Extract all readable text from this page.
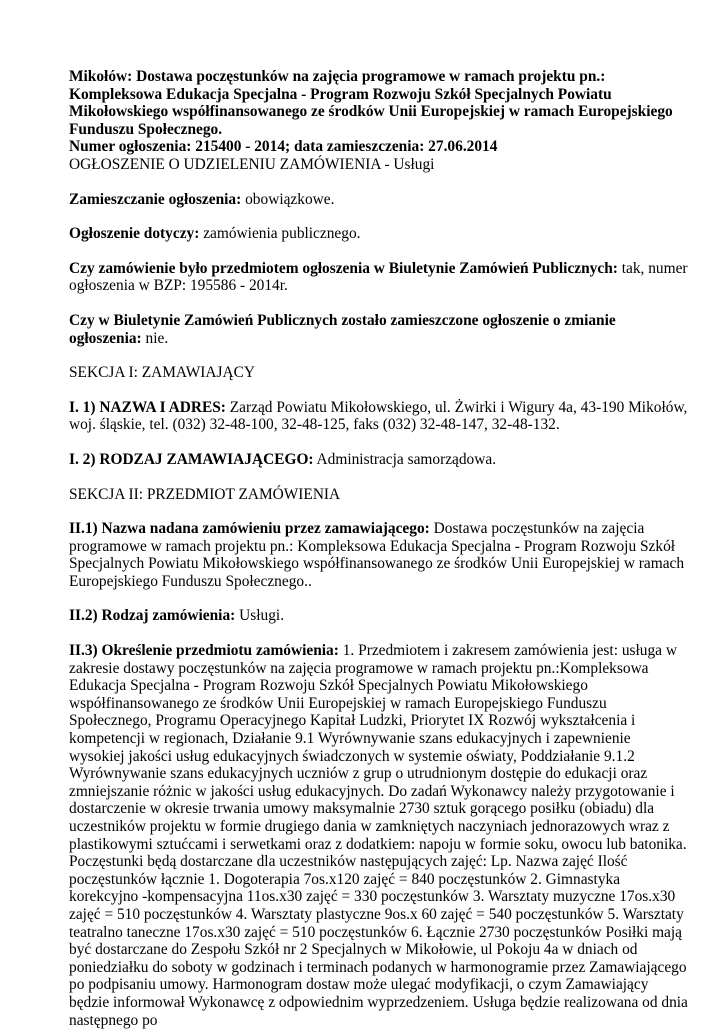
Mikołów: Dostawa poczęstunków na zajęcia programowe w ramach projektu pn.: Kompleksowa Edukacja Specjalna - Program Rozwoju Szkół Specjalnych Powiatu Mikołowskiego współfinansowanego ze środków Unii Europejskiej w ramach Europejskiego Funduszu Społecznego.

Numer ogłoszenia: 215400 - 2014; data zamieszczenia: 27.06.2014

OGŁOSZENIE O UDZIELENIU ZAMÓWIENIA - Usługi

Zamieszczanie ogłoszenia: obowiązkowe.

Ogłoszenie dotyczy: zamówienia publicznego.

Czy zamówienie było przedmiotem ogłoszenia w Biuletynie Zamówień Publicznych: tak, numer ogłoszenia w BZP: 195586 - 2014r.

Czy w Biuletynie Zamówień Publicznych zostało zamieszczone ogłoszenie o zmianie ogłoszenia: nie.

SEKCJA I: ZAMAWIAJĄCY

I. 1) NAZWA I ADRES: Zarząd Powiatu Mikołowskiego, ul. Żwirki i Wigury 4a, 43-190 Mikołów, woj. śląskie, tel. (032) 32-48-100, 32-48-125, faks (032) 32-48-147, 32-48-132.

I. 2) RODZAJ ZAMAWIAJĄCEGO: Administracja samorządowa.

SEKCJA II: PRZEDMIOT ZAMÓWIENIA

II.1) Nazwa nadana zamówieniu przez zamawiającego: Dostawa poczęstunków na zajęcia programowe w ramach projektu pn.: Kompleksowa Edukacja Specjalna - Program Rozwoju Szkół Specjalnych Powiatu Mikołowskiego współfinansowanego ze środków Unii Europejskiej w ramach Europejskiego Funduszu Społecznego..

II.2) Rodzaj zamówienia: Usługi.

II.3) Określenie przedmiotu zamówienia: 1. Przedmiotem i zakresem zamówienia jest: usługa w zakresie dostawy poczęstunków na zajęcia programowe w ramach projektu pn.:Kompleksowa Edukacja Specjalna - Program Rozwoju Szkół Specjalnych Powiatu Mikołowskiego współfinansowanego ze środków Unii Europejskiej w ramach Europejskiego Funduszu Społecznego, Programu Operacyjnego Kapitał Ludzki, Priorytet IX Rozwój wykształcenia i kompetencji w regionach, Działanie 9.1 Wyrównywanie szans edukacyjnych i zapewnienie wysokiej jakości usług edukacyjnych świadczonych w systemie oświaty, Poddziałanie 9.1.2 Wyrównywanie szans edukacyjnych uczniów z grup o utrudnionym dostępie do edukacji oraz zmniejszanie różnic w jakości usług edukacyjnych. Do zadań Wykonawcy należy przygotowanie i dostarczenie w okresie trwania umowy maksymalnie 2730 sztuk gorącego posiłku (obiadu) dla uczestników projektu w formie drugiego dania w zamkniętych naczyniach jednorazowych wraz z plastikowymi sztućcami i serwetkami oraz z dodatkiem: napoju w formie soku, owocu lub batonika. Poczęstunki będą dostarczane dla uczestników następujących zajęć: Lp. Nazwa zajęć Ilość poczęstunków łącznie 1. Dogoterapia 7os.x120 zajęć = 840 poczęstunków 2. Gimnastyka korekcyjno -kompensacyjna 11os.x30 zajęć = 330 poczęstunków 3. Warsztaty muzyczne 17os.x30 zajęć = 510 poczęstunków 4. Warsztaty plastyczne 9os.x 60 zajęć = 540 poczęstunków 5. Warsztaty teatralno taneczne 17os.x30 zajęć = 510 poczęstunków 6. Łącznie 2730 poczęstunków Posiłki mają być dostarczane do Zespołu Szkół nr 2 Specjalnych w Mikołowie, ul Pokoju 4a w dniach od poniedziałku do soboty w godzinach i terminach podanych w harmonogramie przez Zamawiającego po podpisaniu umowy. Harmonogram dostaw może ulegać modyfikacji, o czym Zamawiający będzie informował Wykonawcę z odpowiednim wyprzedzeniem. Usługa będzie realizowana od dnia następnego po
